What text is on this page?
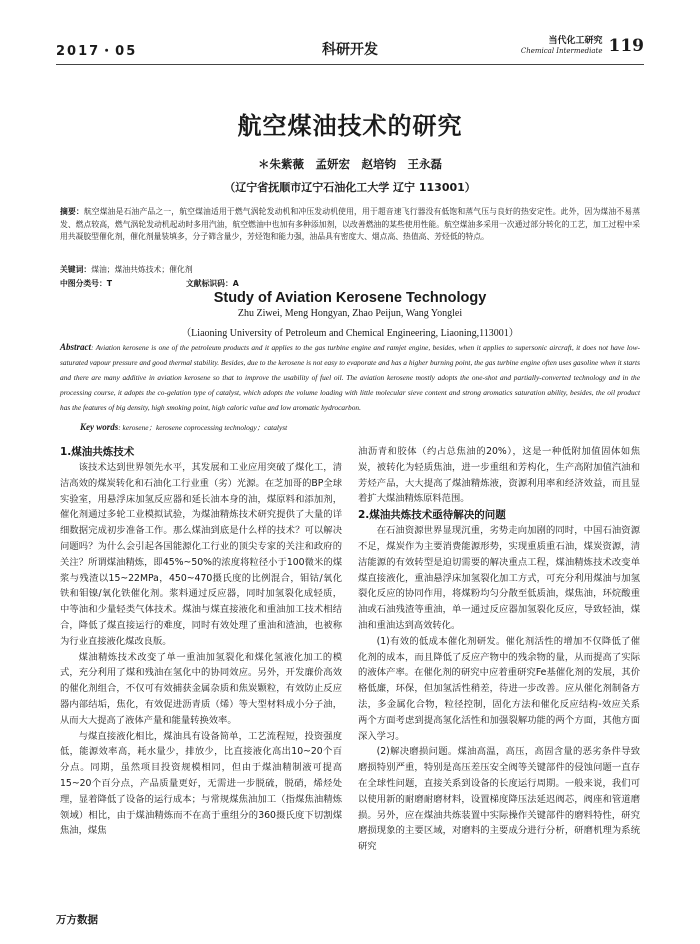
2017・05	科研开发
当代化工研究
Chemical Intermediate 119
航空煤油技术的研究
＊朱紫薇　孟妍宏　赵培钧　王永磊
（辽宁省抚顺市辽宁石油化工大学 辽宁 113001）
摘要：航空煤油是石油产品之一，航空煤油适用于燃气涡轮发动机和冲压发动机使用，用于超音速飞行器没有低饱和蒸气压与良好的热安定性。此外，因为煤油不易蒸发、燃点较高，燃气涡轮发动机起动时多用汽油，航空燃油中也加有多种添加剂，以改善燃油的某些使用性能。航空煤油多采用一次通过部分转化的工艺，加工过程中采用共凝胶型催化剂，催化剂量装填多，分子筛含量少，芳烃饱和能力强，油品具有密度大、烟点高、热值高、芳烃低的特点。
关键词：煤油；煤油共炼技术；催化剂
中图分类号：T	文献标识码：A
Study of Aviation Kerosene Technology
Zhu Ziwei, Meng Hongyan, Zhao Peijun, Wang Yonglei
（Liaoning University of Petroleum and Chemical Engineering, Liaoning,113001）
Abstract: Aviation kerosene is one of the petroleum products and it applies to the gas turbine engine and ramjet engine, besides, when it applies to supersonic aircraft, it does not have low-saturated vapour pressure and good thermal stability. Besides, due to the kerosene is not easy to evaporate and has a higher burning point, the gas turbine engine often uses gasoline when it starts and there are many additive in aviation kerosene so that to improve the usability of fuel oil. The aviation kerosene mostly adopts the one-shot and partially-converted technology and in the processing course, it adopts the co-gelation type of catalyst, which adopts the volume loading with little molecular sieve content and strong aromatics saturation ability, besides, the oil product has the features of big density, high smoking point, high caloric value and low aromatic hydrocarbon.
Key words: kerosene；kerosene coprocessing technology；catalyst
1.煤油共炼技术

该技术达到世界领先水平，其发展和工业应用突破了煤化工，清洁高效的煤炭转化和石油化工行业重（劣）光源。在芝加哥的BP全球实验室，用悬浮床加氢反应器和延长油本身的油，煤原料和添加剂，催化剂通过多轮工业模拟试验，为煤油精炼技术研究提供了大量的详细数据完成初步准备工作。那么煤油到底是什么样的技术？可以解决问题吗？为什么会引起各国能源化工行业的顶尖专家的关注和政府的关注？所谓煤油精炼，即45%~50%的浓度将粒径小于100微米的煤浆与残渣以15~22MPa，450~470摄氏度的比例混合，钼钴/氧化铁和钼镍/氧化铁催化剂。浆料通过反应器，同时加氢裂化成轻质，中等油和少量轻类气体技术。煤油与煤直接液化和重油加工技术相结合，降低了煤直接运行的难度，同时有效处理了重油和渣油，也被称为行业直接液化煤改良版。

煤油精炼技术改变了单一重油加氢裂化和煤化氢液化加工的模式，充分利用了煤和残油在氢化中的协同效应。另外，开发廉价高效的催化剂组合，不仅可有效捕获金属杂质和焦炭颗粒，有效防止反应器内部结垢，焦化，有效促进沥青质（烯）等大型材料成小分子油，从而大大提高了液体产量和能量转换效率。

与煤直接液化相比，煤油具有设备简单，工艺流程短，投资强度低，能源效率高，耗水量少，排放少，比直接液化高出10~20个百分点。同期，虽然项目投资规模相同，但由于煤油精制液可提高15~20个百分点，产品质量更好，无需进一步脱硫，脱硝，烯烃处理，显着降低了设备的运行成本；与常规煤焦油加工（指煤焦油精炼领域）相比，由于煤油精炼而不在高于重组分的360摄氏度下切割煤焦油，煤焦

油沥青和胶体（约占总焦油的20%），这是一种低附加值固体如焦炭，被转化为轻质焦油，进一步重组和芳构化，生产高附加值汽油和芳烃产品，大大提高了煤油精炼液，资源利用率和经济效益，而且显着扩大煤油精炼原料范围。

2.煤油共炼技术亟待解决的问题

在石油资源世界显现沉重，劣势走向加剧的同时，中国石油资源不足，煤炭作为主要消费能源形势，实现重质重石油，煤炭资源，清洁能源的有效转型是迫切需要的解决重点工程，煤油精炼技术改变单煤直接液化，重油悬浮床加氢裂化加工方式，可充分利用煤油与加氢裂化反应的协同作用，将煤粉均匀分散至低质油，煤焦油，环烷酸重油或石油残渣等重油，单一通过反应器加氢裂化反应，导致轻油，煤油和重油达到高效转化。

(1)有效的低成本催化剂研发。催化剂活性的增加不仅降低了催化剂的成本，而且降低了反应产物中的残余物的量，从而提高了实际的液体产率。在催化剂的研究中应着重研究Fe基催化剂的发展，其价格低廉，环保，但加氢活性稍差，待进一步改善。应从催化剂制备方法，多金属化合物，粒径控制，固化方法和催化反应结构-效应关系两个方面考虑到提高氢化活性和加强裂解功能的两个方面，其他方面深入学习。

(2)解决磨损问题。煤油高温，高压，高固含量的恶劣条件导致磨损特别严重，特别是高压差压安全阀等关键部件的侵蚀问题一直存在全球性问题，直接关系到设备的长度运行周期。一般来说，我们可以使用新的耐磨耐磨材料，设置梯度降压法延迟阀芯，阀座和管道磨损。另外，应在煤油共炼装置中实际操作关键部件的磨料特性，研究磨损现象的主要区域，对磨料的主要成分进行分析，研磨机理为系统研究

万方数据
